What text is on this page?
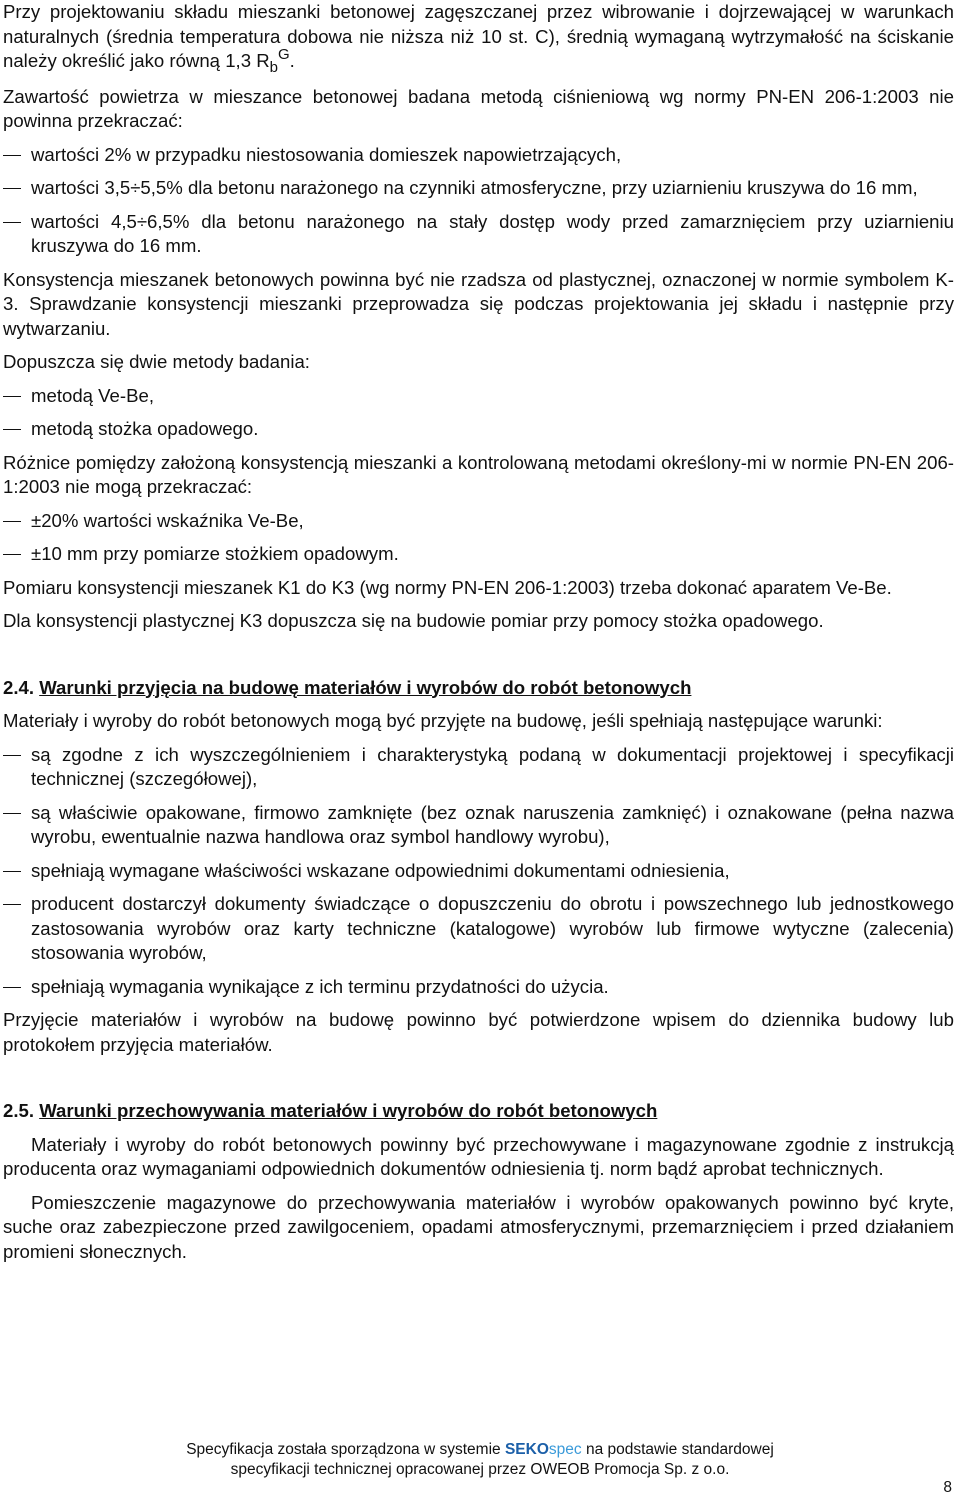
Przy projektowaniu składu mieszanki betonowej zagęszczanej przez wibrowanie i dojrzewającej w warunkach naturalnych (średnia temperatura dobowa nie niższa niż 10 st. C), średnią wymaganą wytrzymałość na ściskanie należy określić jako równą 1,3 $R_b^G$.

Zawartość powietrza w mieszance betonowej badana metodą ciśnieniową wg normy PN-EN 206-1:2003 nie powinna przekraczać:

wartości 2% w przypadku niestosowania domieszek napowietrzających,
wartości 3,5÷5,5% dla betonu narażonego na czynniki atmosferyczne, przy uziarnieniu kruszywa do 16 mm,
wartości 4,5÷6,5% dla betonu narażonego na stały dostęp wody przed zamarznięciem przy uziarnieniu kruszywa do 16 mm.

Konsystencja mieszanek betonowych powinna być nie rzadsza od plastycznej, oznaczonej w normie symbolem K-3. Sprawdzanie konsystencji mieszanki przeprowadza się podczas projektowania jej składu i następnie przy wytwarzaniu.

Dopuszcza się dwie metody badania:

metodą Ve-Be,
metodą stożka opadowego.

Różnice pomiędzy założoną konsystencją mieszanki a kontrolowaną metodami określony-mi w normie PN-EN 206-1:2003 nie mogą przekraczać:

±20% wartości wskaźnika Ve-Be,
±10 mm przy pomiarze stożkiem opadowym.

Pomiaru konsystencji mieszanek K1 do K3 (wg normy PN-EN 206-1:2003) trzeba dokonać aparatem Ve-Be.

Dla konsystencji plastycznej K3 dopuszcza się na budowie pomiar przy pomocy stożka opadowego.

2.4. Warunki przyjęcia na budowę materiałów i wyrobów do robót betonowych

Materiały i wyroby do robót betonowych mogą być przyjęte na budowę, jeśli spełniają następujące warunki:

są zgodne z ich wyszczególnieniem i charakterystyką podaną w dokumentacji projektowej i specyfikacji technicznej (szczegółowej),
są właściwie opakowane, firmowo zamknięte (bez oznak naruszenia zamknięć) i oznakowane (pełna nazwa wyrobu, ewentualnie nazwa handlowa oraz symbol handlowy wyrobu),
spełniają wymagane właściwości wskazane odpowiednimi dokumentami odniesienia,
producent dostarczył dokumenty świadczące o dopuszczeniu do obrotu i powszechnego lub jednostkowego zastosowania wyrobów oraz karty techniczne (katalogowe) wyrobów lub firmowe wytyczne (zalecenia) stosowania wyrobów,
spełniają wymagania wynikające z ich terminu przydatności do użycia.

Przyjęcie materiałów i wyrobów na budowę powinno być potwierdzone wpisem do dziennika budowy lub protokołem przyjęcia materiałów.

2.5. Warunki przechowywania materiałów i wyrobów do robót betonowych

Materiały i wyroby do robót betonowych powinny być przechowywane i magazynowane zgodnie z instrukcją producenta oraz wymaganiami odpowiednich dokumentów odniesienia tj. norm bądź aprobat technicznych.

Pomieszczenie magazynowe do przechowywania materiałów i wyrobów opakowanych powinno być kryte, suche oraz zabezpieczone przed zawilgoceniem, opadami atmosferycznymi, przemarznięciem i przed działaniem promieni słonecznych.

Specyfikacja została sporządzona w systemie SEKOspec na podstawie standardowej
specyfikacji technicznej opracowanej przez OWEOB Promocja Sp. z o.o.
8
